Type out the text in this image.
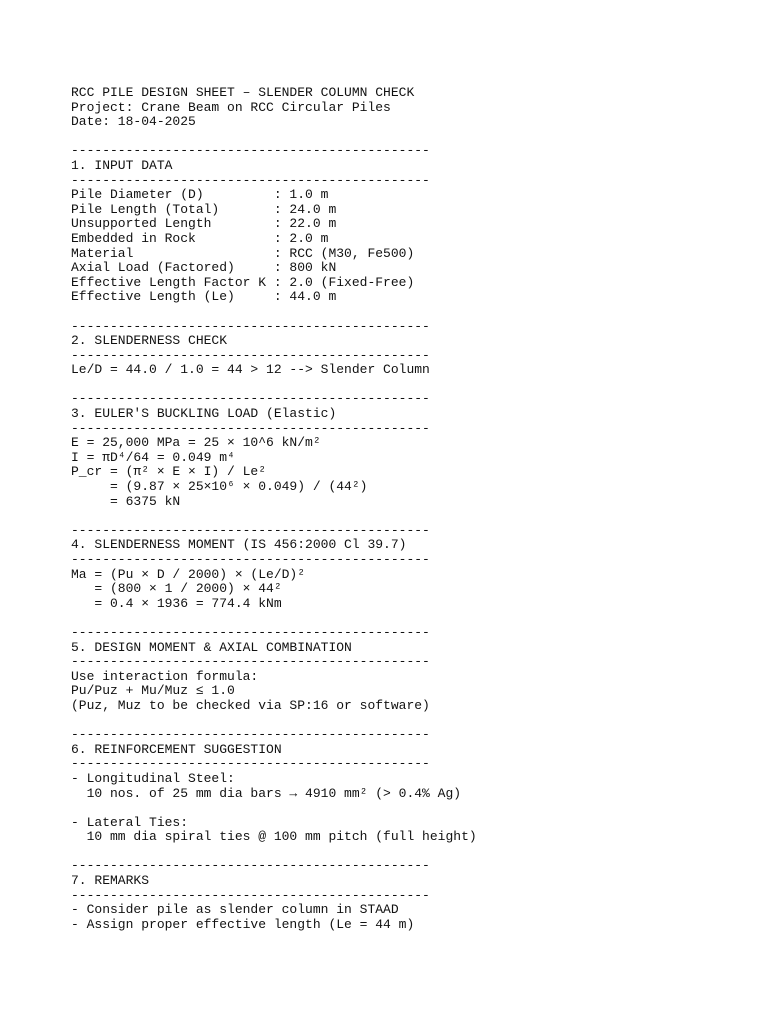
RCC PILE DESIGN SHEET – SLENDER COLUMN CHECK
Project: Crane Beam on RCC Circular Piles
Date: 18-04-2025
----------------------------------------------
1. INPUT DATA
----------------------------------------------
Pile Diameter (D)         : 1.0 m
Pile Length (Total)       : 24.0 m
Unsupported Length        : 22.0 m
Embedded in Rock          : 2.0 m
Material                  : RCC (M30, Fe500)
Axial Load (Factored)     : 800 kN
Effective Length Factor K : 2.0 (Fixed-Free)
Effective Length (Le)     : 44.0 m
----------------------------------------------
2. SLENDERNESS CHECK
----------------------------------------------
Le/D = 44.0 / 1.0 = 44 > 12 --> Slender Column
----------------------------------------------
3. EULER'S BUCKLING LOAD (Elastic)
----------------------------------------------
E = 25,000 MPa = 25 × 10^6 kN/m²
I = πD⁴/64 = 0.049 m⁴
P_cr = (π² × E × I) / Le²
= (9.87 × 25×10⁶ × 0.049) / (44²)
= 6375 kN
----------------------------------------------
4. SLENDERNESS MOMENT (IS 456:2000 Cl 39.7)
----------------------------------------------
Ma = (Pu × D / 2000) × (Le/D)²
= (800 × 1 / 2000) × 44²
= 0.4 × 1936 = 774.4 kNm
----------------------------------------------
5. DESIGN MOMENT & AXIAL COMBINATION
----------------------------------------------
Use interaction formula:
Pu/Puz + Mu/Muz ≤ 1.0
(Puz, Muz to be checked via SP:16 or software)
----------------------------------------------
6. REINFORCEMENT SUGGESTION
----------------------------------------------
- Longitudinal Steel:
10 nos. of 25 mm dia bars → 4910 mm² (> 0.4% Ag)
- Lateral Ties:
10 mm dia spiral ties @ 100 mm pitch (full height)
----------------------------------------------
7. REMARKS
----------------------------------------------
- Consider pile as slender column in STAAD
- Assign proper effective length (Le = 44 m)
